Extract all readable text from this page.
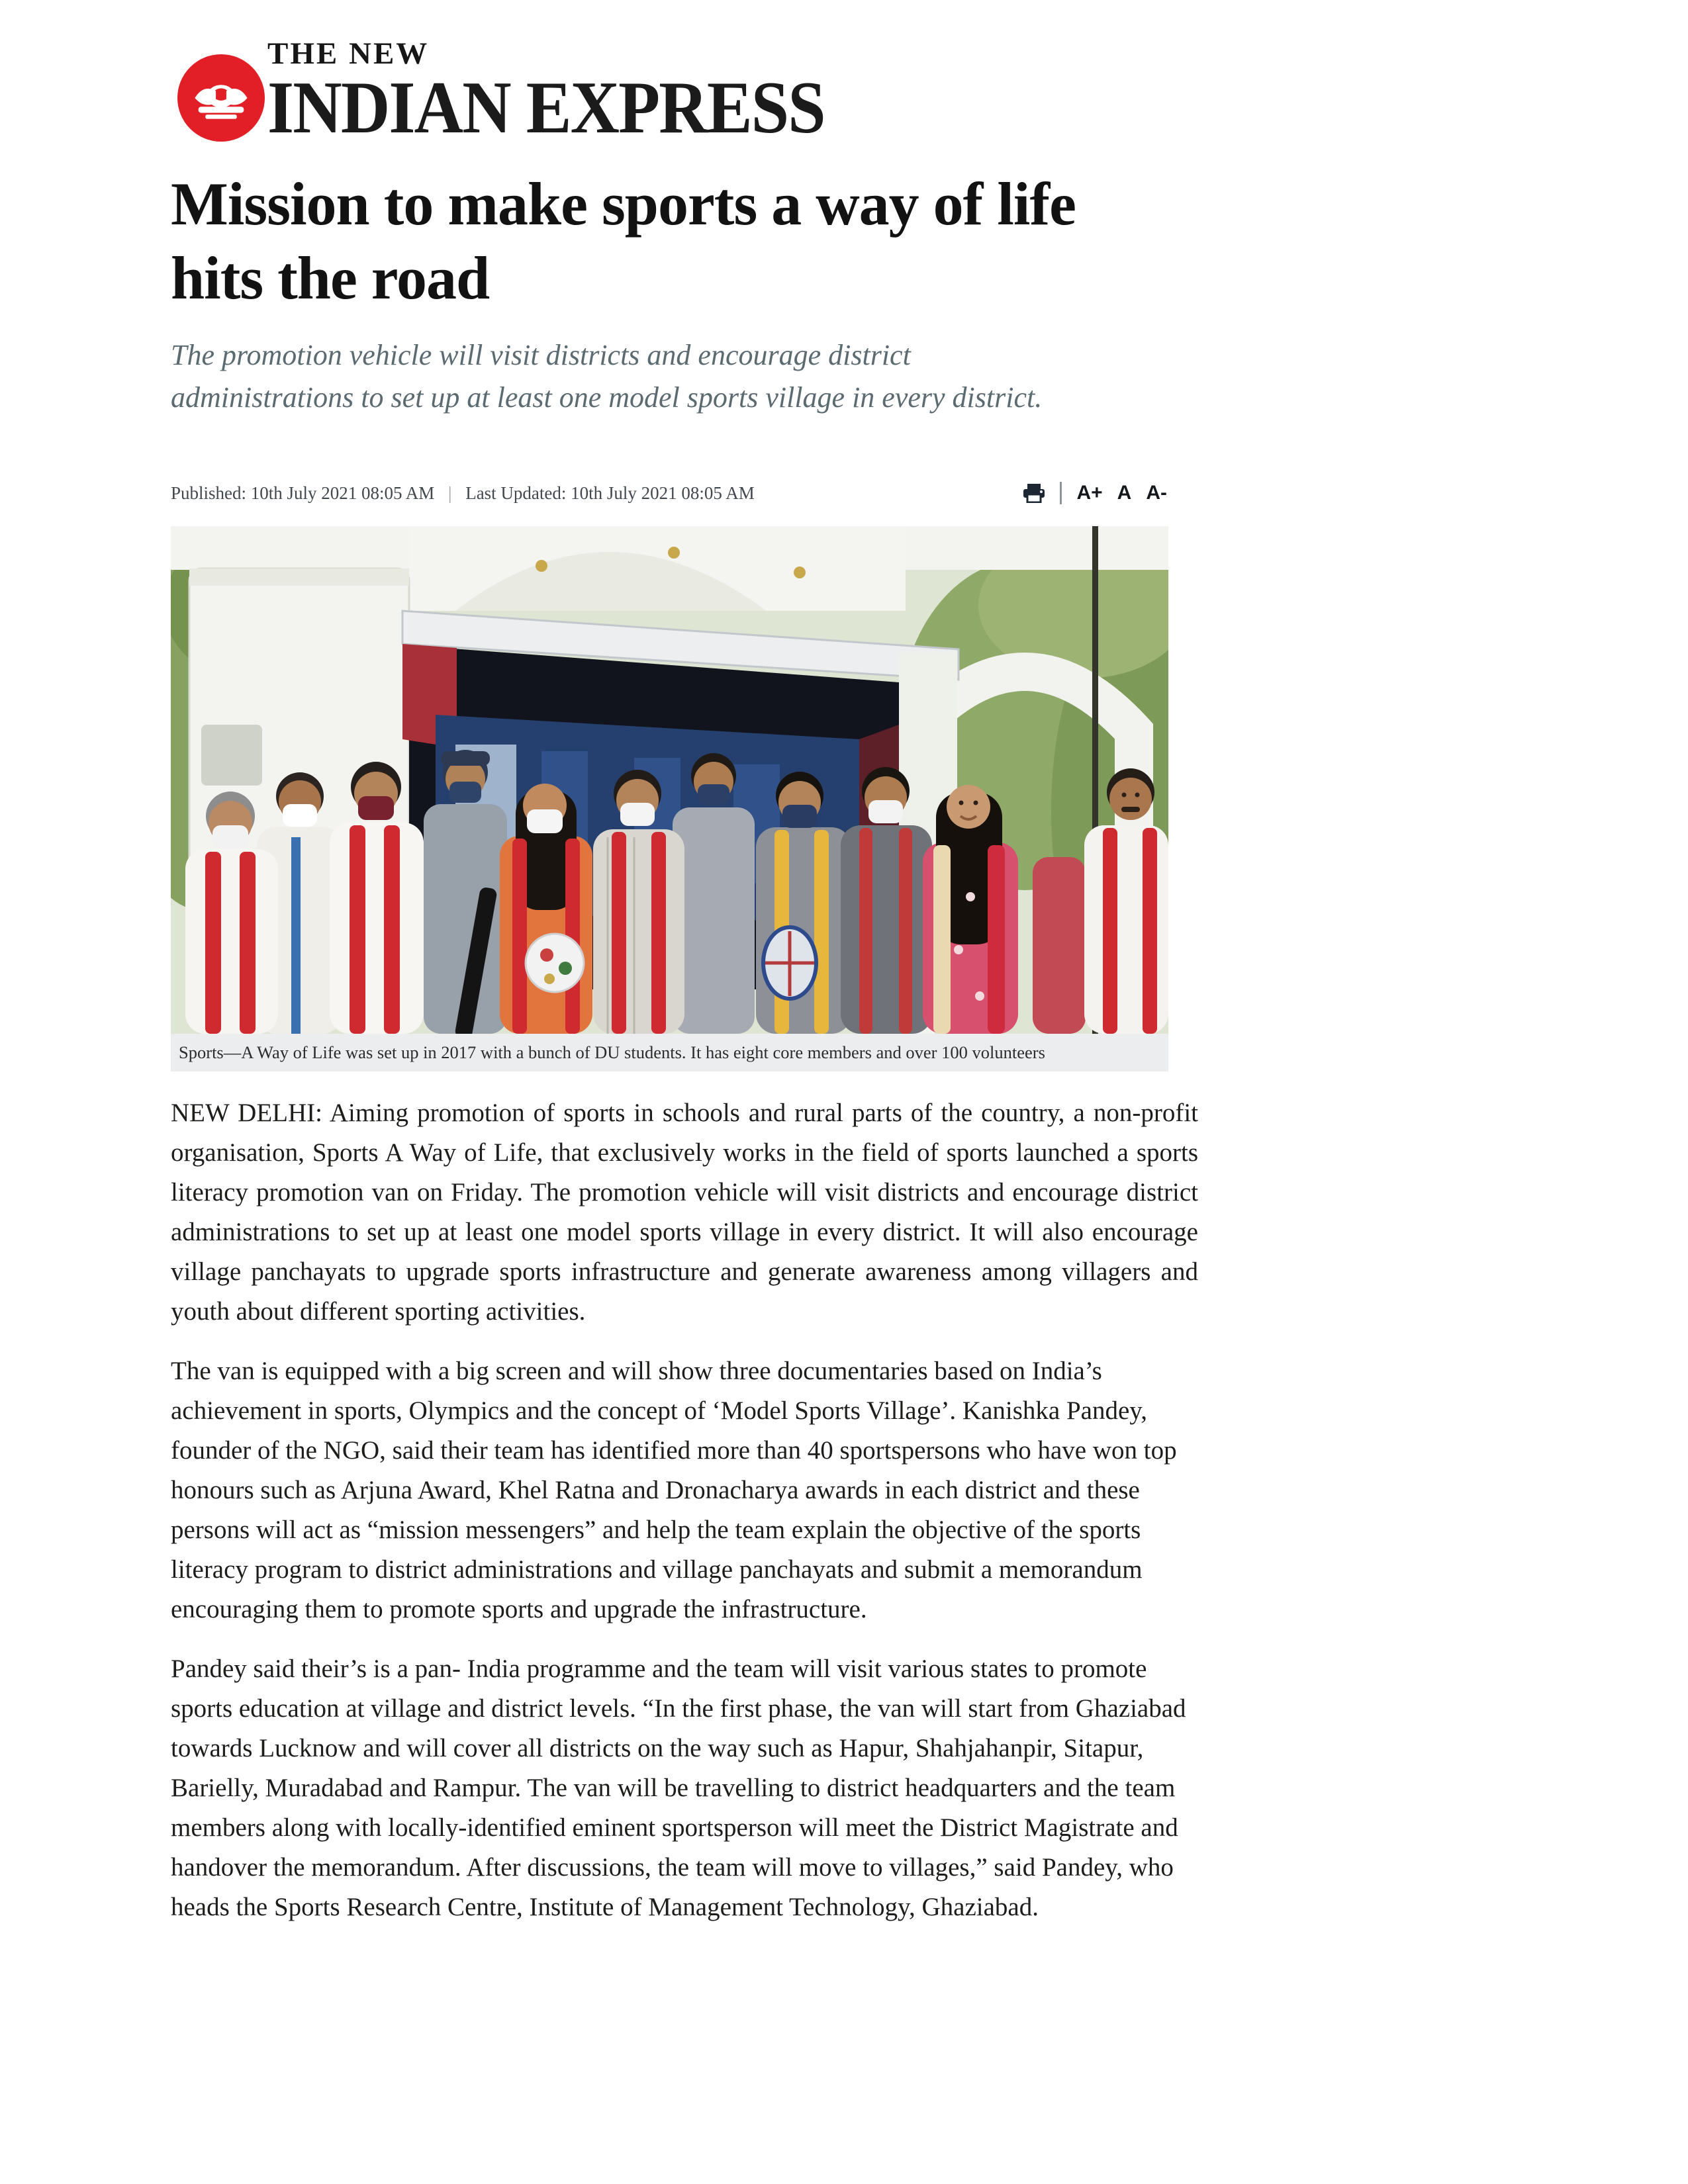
THE NEW
INDIAN EXPRESS
Mission to make sports a way of life hits the road
The promotion vehicle will visit districts and encourage district administrations to set up at least one model sports village in every district.
Published: 10th July 2021 08:05 AM | Last Updated: 10th July 2021 08:05 AM	A+ A A-
Sports—A Way of Life was set up in 2017 with a bunch of DU students. It has eight core members and over 100 volunteers

NEW DELHI: Aiming promotion of sports in schools and rural parts of the country, a non-profit organisation, Sports A Way of Life, that exclusively works in the field of sports launched a sports literacy promotion van on Friday. The promotion vehicle will visit districts and encourage district administrations to set up at least one model sports village in every district. It will also encourage village panchayats to upgrade sports infrastructure and generate awareness among villagers and youth about different sporting activities.

The van is equipped with a big screen and will show three documentaries based on India’s achievement in sports, Olympics and the concept of ‘Model Sports Village’. Kanishka Pandey, founder of the NGO, said their team has identified more than 40 sportspersons who have won top honours such as Arjuna Award, Khel Ratna and Dronacharya awards in each district and these persons will act as “mission messengers” and help the team explain the objective of the sports literacy program to district administrations and village panchayats and submit a memorandum encouraging them to promote sports and upgrade the infrastructure.

Pandey said their’s is a pan- India programme and the team will visit various states to promote sports education at village and district levels. “In the first phase, the van will start from Ghaziabad towards Lucknow and will cover all districts on the way such as Hapur, Shahjahanpir, Sitapur, Barielly, Muradabad and Rampur. The van will be travelling to district headquarters and the team members along with locally-identified eminent sportsperson will meet the District Magistrate and handover the memorandum. After discussions, the team will move to villages,” said Pandey, who heads the Sports Research Centre, Institute of Management Technology, Ghaziabad.
